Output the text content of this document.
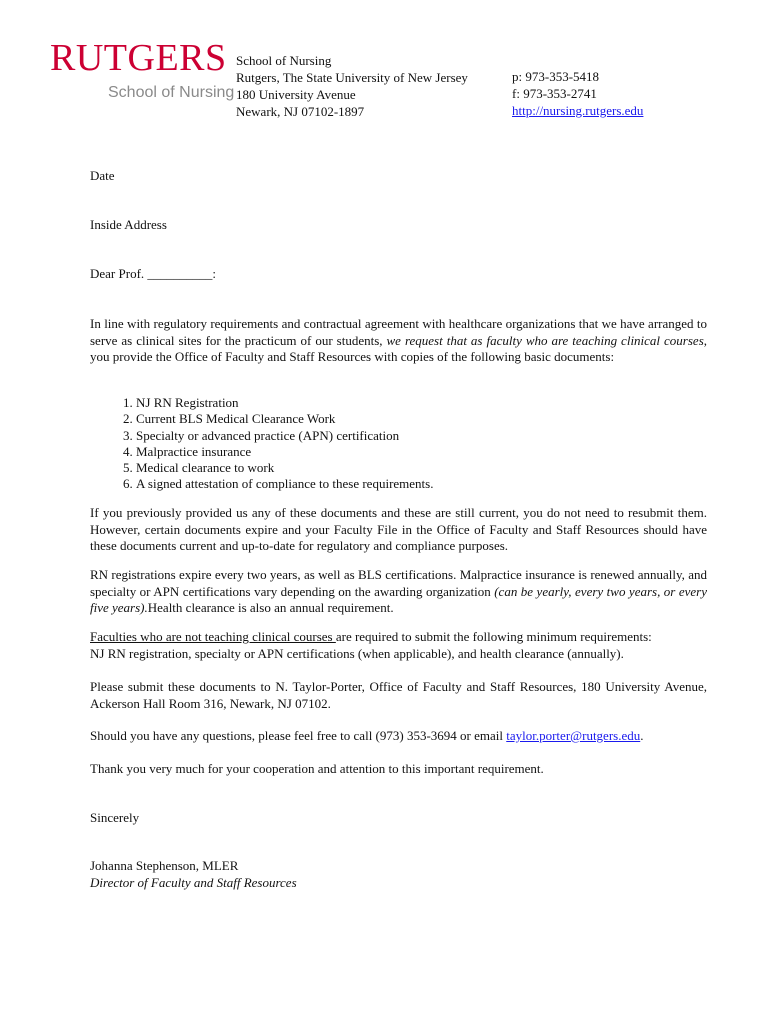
RUTGERS
School of Nursing
School of Nursing
Rutgers, The State University of New Jersey
180 University Avenue
Newark, NJ 07102-1897
p: 973-353-5418
f: 973-353-2741
http://nursing.rutgers.edu

Date

Inside Address

Dear Prof. __________:

In line with regulatory requirements and contractual agreement with healthcare organizations that we have arranged to serve as clinical sites for the practicum of our students, we request that as faculty who are teaching clinical courses, you provide the Office of Faculty and Staff Resources with copies of the following basic documents:

1. NJ RN Registration
2. Current BLS Medical Clearance Work
3. Specialty or advanced practice (APN) certification
4. Malpractice insurance
5. Medical clearance to work
6. A signed attestation of compliance to these requirements.

If you previously provided us any of these documents and these are still current, you do not need to resubmit them. However, certain documents expire and your Faculty File in the Office of Faculty and Staff Resources should have these documents current and up-to-date for regulatory and compliance purposes.

RN registrations expire every two years, as well as BLS certifications. Malpractice insurance is renewed annually, and specialty or APN certifications vary depending on the awarding organization (can be yearly, every two years, or every five years).Health clearance is also an annual requirement.

Faculties who are not teaching clinical courses are required to submit the following minimum requirements:
NJ RN registration, specialty or APN certifications (when applicable), and health clearance (annually).

Please submit these documents to N. Taylor-Porter, Office of Faculty and Staff Resources, 180 University Avenue, Ackerson Hall Room 316, Newark, NJ 07102.

Should you have any questions, please feel free to call (973) 353-3694 or email taylor.porter@rutgers.edu.

Thank you very much for your cooperation and attention to this important requirement.

Sincerely

Johanna Stephenson, MLER

Director of Faculty and Staff Resources
